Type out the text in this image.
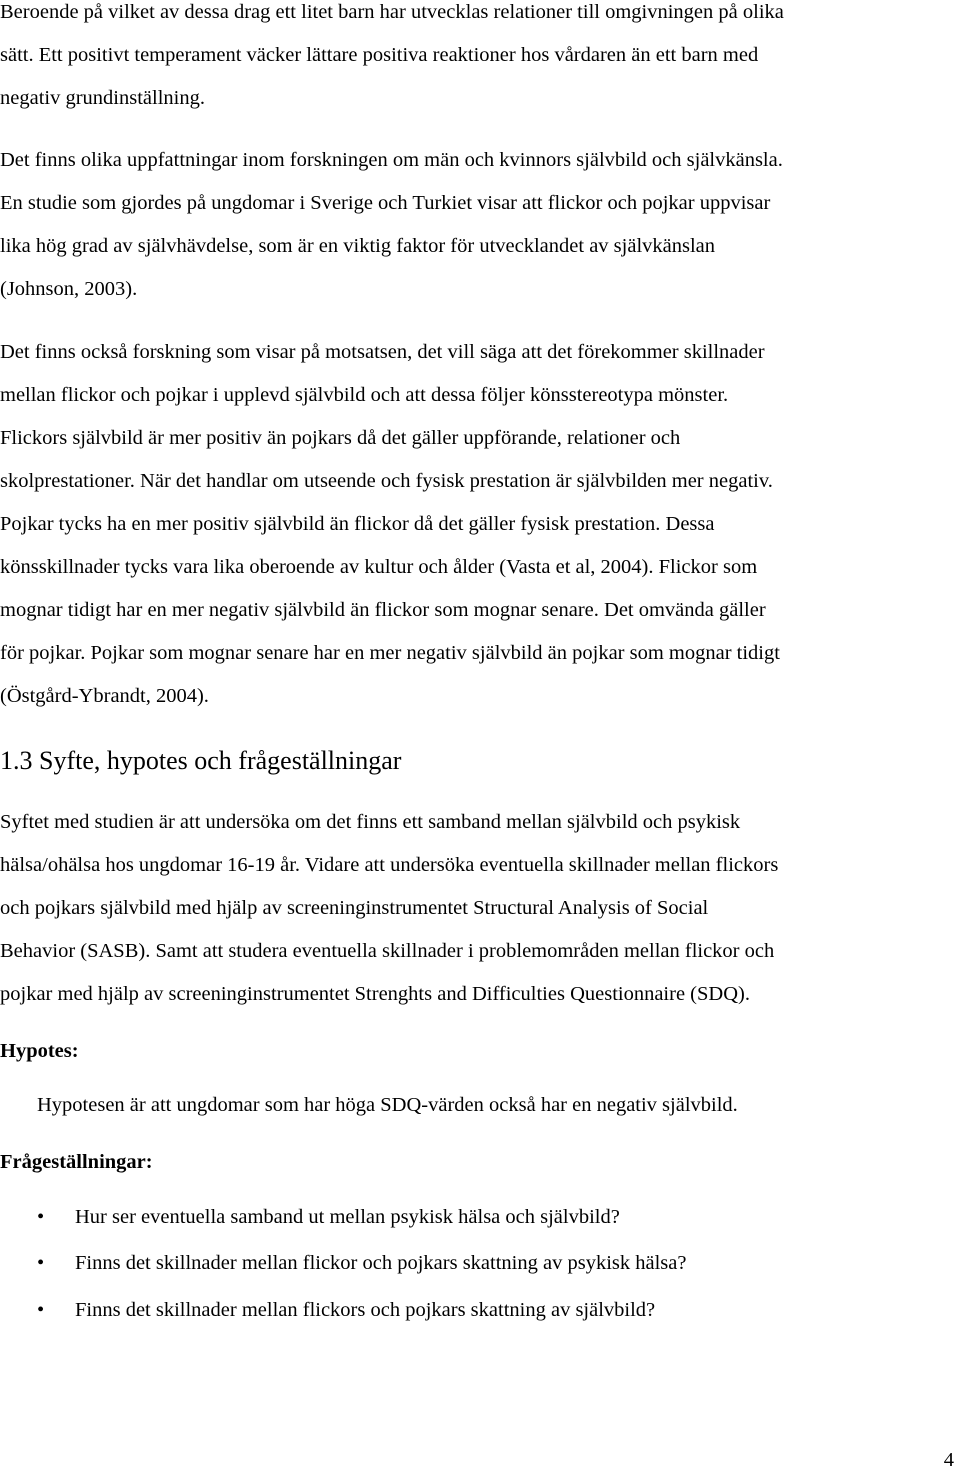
Beroende på vilket av dessa drag ett litet barn har utvecklas relationer till omgivningen på olika
sätt. Ett positivt temperament väcker lättare positiva reaktioner hos vårdaren än ett barn med
negativ grundinställning.
Det finns olika uppfattningar inom forskningen om män och kvinnors självbild och självkänsla.
En studie som gjordes på ungdomar i Sverige och Turkiet visar att flickor och pojkar uppvisar
lika hög grad av självhävdelse, som är en viktig faktor för utvecklandet av självkänslan
(Johnson, 2003).
Det finns också forskning som visar på motsatsen, det vill säga att det förekommer skillnader
mellan flickor och pojkar i upplevd självbild och att dessa följer könsstereotypa mönster.
Flickors självbild är mer positiv än pojkars då det gäller uppförande, relationer och
skolprestationer. När det handlar om utseende och fysisk prestation är självbilden mer negativ.
Pojkar tycks ha en mer positiv självbild än flickor då det gäller fysisk prestation. Dessa
könsskillnader tycks vara lika oberoende av kultur och ålder (Vasta et al, 2004). Flickor som
mognar tidigt har en mer negativ självbild än flickor som mognar senare. Det omvända gäller
för pojkar. Pojkar som mognar senare har en mer negativ självbild än pojkar som mognar tidigt
(Östgård-Ybrandt, 2004).
1.3 Syfte, hypotes och frågeställningar
Syftet med studien är att undersöka om det finns ett samband mellan självbild och psykisk
hälsa/ohälsa hos ungdomar 16-19 år. Vidare att undersöka eventuella skillnader mellan flickors
och pojkars självbild med hjälp av screeninginstrumentet Structural Analysis of Social
Behavior (SASB). Samt att studera eventuella skillnader i problemområden mellan flickor och
pojkar med hjälp av screeninginstrumentet Strenghts and Difficulties Questionnaire (SDQ).
Hypotes:
Hypotesen är att ungdomar som har höga SDQ-värden också har en negativ självbild.
Frågeställningar:
• Hur ser eventuella samband ut mellan psykisk hälsa och självbild?
• Finns det skillnader mellan flickor och pojkars skattning av psykisk hälsa?
• Finns det skillnader mellan flickors och pojkars skattning av självbild?
4
